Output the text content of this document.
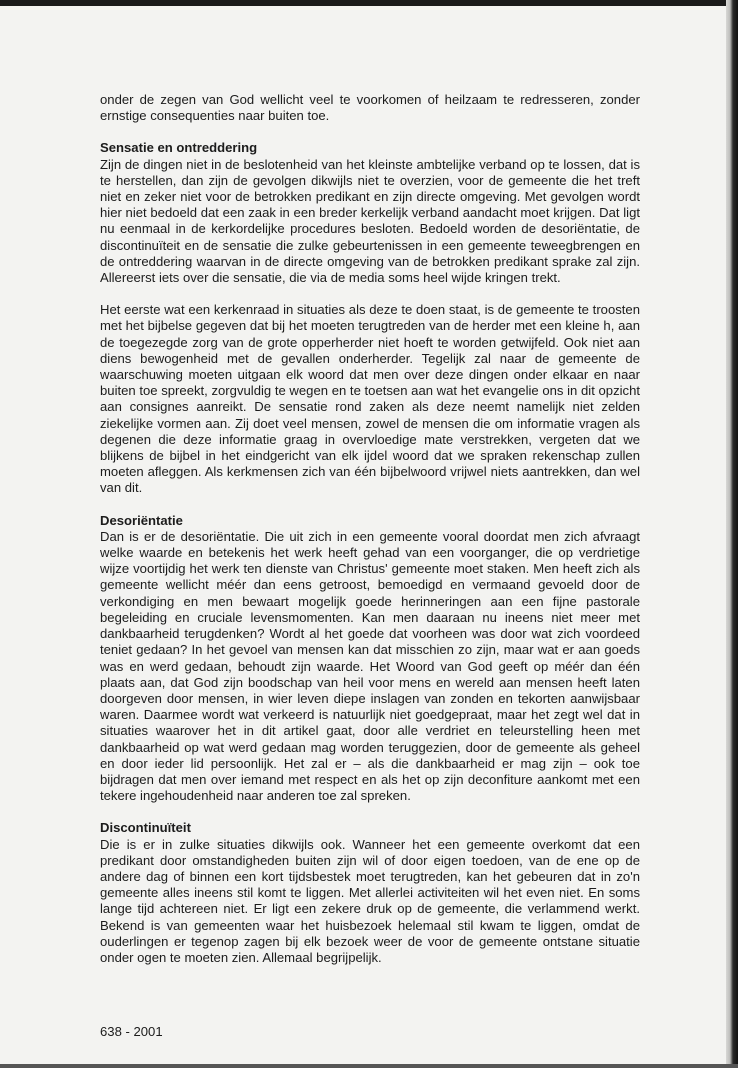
onder de zegen van God wellicht veel te voorkomen of heilzaam te redresseren, zonder ernstige consequenties naar buiten toe.

Sensatie en ontreddering

Zijn de dingen niet in de beslotenheid van het kleinste ambtelijke verband op te lossen, dat is te herstellen, dan zijn de gevolgen dikwijls niet te overzien, voor de gemeente die het treft niet en zeker niet voor de betrokken predikant en zijn directe omgeving. Met gevolgen wordt hier niet bedoeld dat een zaak in een breder kerkelijk verband aandacht moet krijgen. Dat ligt nu eenmaal in de kerkordelijke procedures besloten. Bedoeld worden de desoriëntatie, de discontinuïteit en de sensatie die zulke gebeurtenissen in een gemeente teweegbrengen en de ontreddering waarvan in de directe omgeving van de betrokken predikant sprake zal zijn. Allereerst iets over die sensatie, die via de media soms heel wijde kringen trekt.

Het eerste wat een kerkenraad in situaties als deze te doen staat, is de gemeente te troosten met het bijbelse gegeven dat bij het moeten terugtreden van de herder met een kleine h, aan de toegezegde zorg van de grote opperherder niet hoeft te worden getwijfeld. Ook niet aan diens bewogenheid met de gevallen onderherder. Tegelijk zal naar de gemeente de waarschuwing moeten uitgaan elk woord dat men over deze dingen onder elkaar en naar buiten toe spreekt, zorgvuldig te wegen en te toetsen aan wat het evangelie ons in dit opzicht aan consignes aanreikt. De sensatie rond zaken als deze neemt namelijk niet zelden ziekelijke vormen aan. Zij doet veel mensen, zowel de mensen die om informatie vragen als degenen die deze informatie graag in overvloedige mate verstrekken, vergeten dat we blijkens de bijbel in het eindgericht van elk ijdel woord dat we spraken rekenschap zullen moeten afleggen. Als kerkmensen zich van één bijbelwoord vrijwel niets aantrekken, dan wel van dit.

Desoriëntatie

Dan is er de desoriëntatie. Die uit zich in een gemeente vooral doordat men zich afvraagt welke waarde en betekenis het werk heeft gehad van een voorganger, die op verdrietige wijze voortijdig het werk ten dienste van Christus' gemeente moet staken. Men heeft zich als gemeente wellicht méér dan eens getroost, bemoedigd en vermaand gevoeld door de verkondiging en men bewaart mogelijk goede herinneringen aan een fijne pastorale begeleiding en cruciale levensmomenten. Kan men daaraan nu ineens niet meer met dankbaarheid terugdenken? Wordt al het goede dat voorheen was door wat zich voordeed teniet gedaan? In het gevoel van mensen kan dat misschien zo zijn, maar wat er aan goeds was en werd gedaan, behoudt zijn waarde. Het Woord van God geeft op méér dan één plaats aan, dat God zijn boodschap van heil voor mens en wereld aan mensen heeft laten doorgeven door mensen, in wier leven diepe inslagen van zonden en tekorten aanwijsbaar waren. Daarmee wordt wat verkeerd is natuurlijk niet goedgepraat, maar het zegt wel dat in situaties waarover het in dit artikel gaat, door alle verdriet en teleurstelling heen met dankbaarheid op wat werd gedaan mag worden teruggezien, door de gemeente als geheel en door ieder lid persoonlijk. Het zal er – als die dankbaarheid er mag zijn – ook toe bijdragen dat men over iemand met respect en als het op zijn deconfiture aankomt met een tekere ingehoudenheid naar anderen toe zal spreken.

Discontinuïteit

Die is er in zulke situaties dikwijls ook. Wanneer het een gemeente overkomt dat een predikant door omstandigheden buiten zijn wil of door eigen toedoen, van de ene op de andere dag of binnen een kort tijdsbestek moet terugtreden, kan het gebeuren dat in zo'n gemeente alles ineens stil komt te liggen. Met allerlei activiteiten wil het even niet. En soms lange tijd achtereen niet. Er ligt een zekere druk op de gemeente, die verlammend werkt. Bekend is van gemeenten waar het huisbezoek helemaal stil kwam te liggen, omdat de ouderlingen er tegenop zagen bij elk bezoek weer de voor de gemeente ontstane situatie onder ogen te moeten zien. Allemaal begrijpelijk.

638 - 2001
